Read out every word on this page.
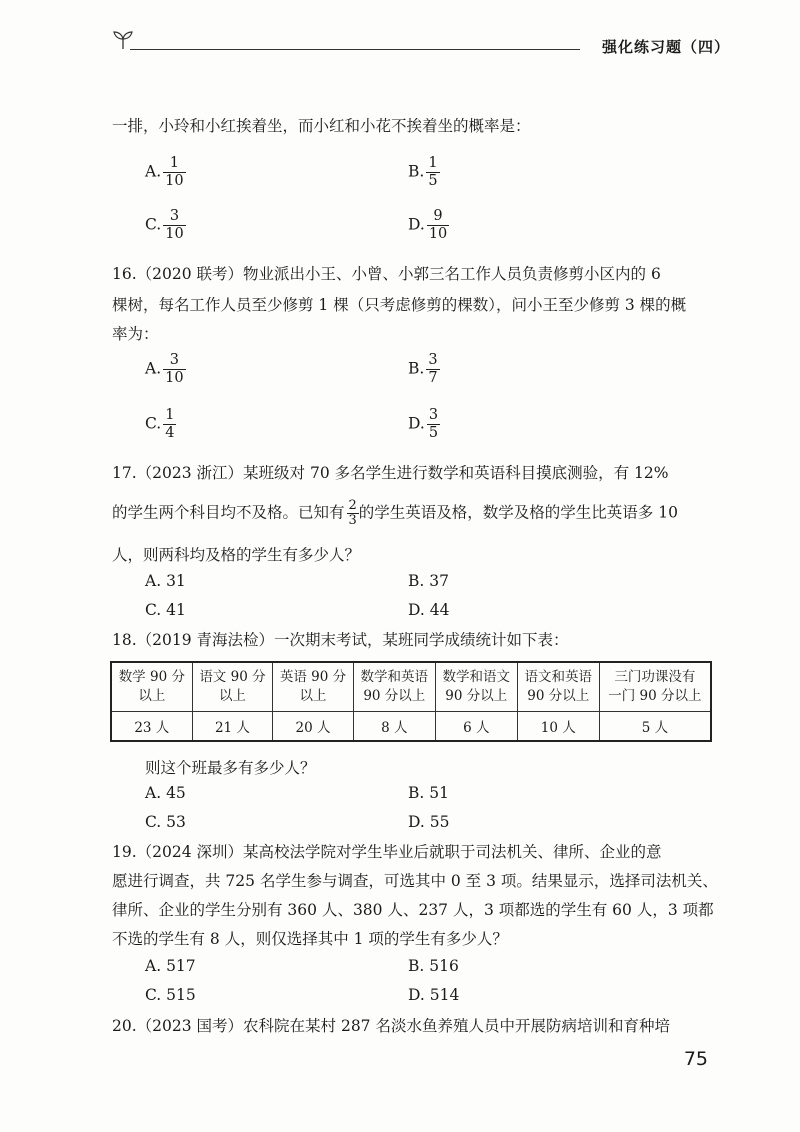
强化练习题（四）
一排，小玲和小红挨着坐，而小红和小花不挨着坐的概率是：
A. $\frac{1}{10}$	B. $\frac{1}{5}$
C. $\frac{3}{10}$	D. $\frac{9}{10}$
16.（2020 联考）物业派出小王、小曾、小郭三名工作人员负责修剪小区内的 6
棵树，每名工作人员至少修剪 1 棵（只考虑修剪的棵数），问小王至少修剪 3 棵的概
率为：
A. $\frac{3}{10}$	B. $\frac{3}{7}$
C. $\frac{1}{4}$	D. $\frac{3}{5}$
17.（2023 浙江）某班级对 70 多名学生进行数学和英语科目摸底测验，有 12%
的学生两个科目均不及格。已知有 $\frac{2}{3}$ 的学生英语及格，数学及格的学生比英语多 10
人，则两科均及格的学生有多少人？
A. 31	B. 37
C. 41	D. 44
18.（2019 青海法检）一次期末考试，某班同学成绩统计如下表：
数学 90 分
以上	语文 90 分
以上	英语 90 分
以上	数学和英语
90 分以上	数学和语文
90 分以上	语文和英语
90 分以上	三门功课没有
一门 90 分以上
23 人	21 人	20 人	8 人	6 人	10 人	5 人
则这个班最多有多少人？
A. 45	B. 51
C. 53	D. 55
19.（2024 深圳）某高校法学院对学生毕业后就职于司法机关、律所、企业的意
愿进行调查，共 725 名学生参与调查，可选其中 0 至 3 项。结果显示，选择司法机关、
律所、企业的学生分别有 360 人、380 人、237 人，3 项都选的学生有 60 人，3 项都
不选的学生有 8 人，则仅选择其中 1 项的学生有多少人？
A. 517	B. 516
C. 515	D. 514
20.（2023 国考）农科院在某村 287 名淡水鱼养殖人员中开展防病培训和育种培
75
